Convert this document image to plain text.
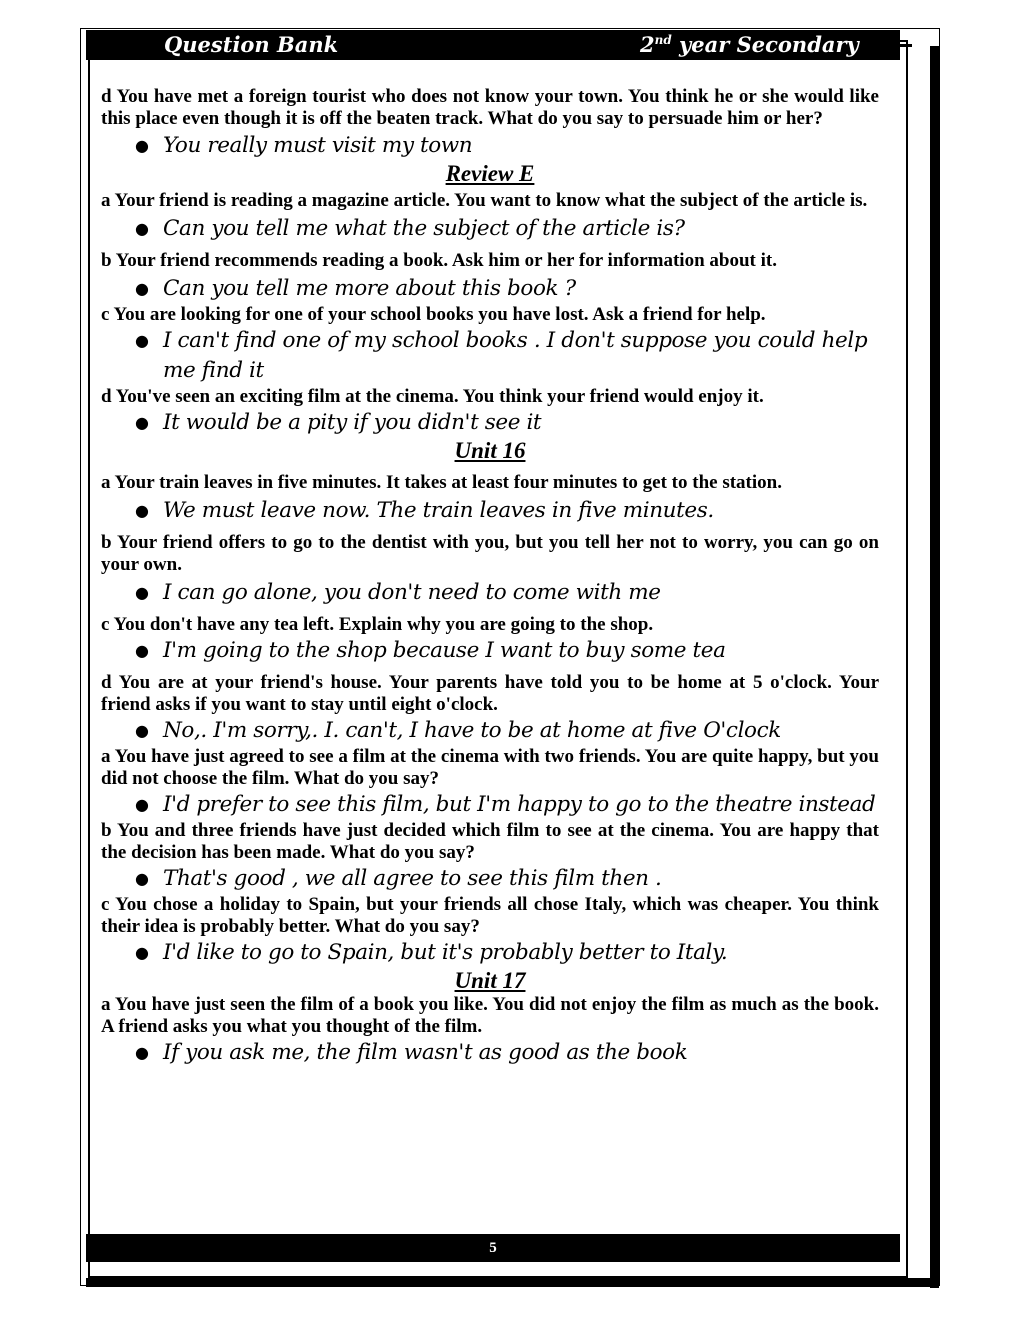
Question Bank	2nd year Secondary

d You have met a foreign tourist who does not know your town. You think he or she would like this place even though it is off the beaten track. What do you say to persuade him or her?

● You really must visit my town

Review E

a Your friend is reading a magazine article. You want to know what the subject of the article is.

● Can you tell me what the subject of the article is?

b Your friend recommends reading a book. Ask him or her for information about it.

● Can you tell me more about this book ?

c You are looking for one of your school books you have lost. Ask a friend for help.

● I can't find one of my school books . I don't suppose you could help me find it

d You've seen an exciting film at the cinema. You think your friend would enjoy it.

● It would be a pity if you didn't see it

Unit 16

a Your train leaves in five minutes. It takes at least four minutes to get to the station.

● We must leave now. The train leaves in five minutes.

b Your friend offers to go to the dentist with you, but you tell her not to worry, you can go on your own.

● I can go alone, you don't need to come with me

c You don't have any tea left. Explain why you are going to the shop.

● I'm going to the shop because I want to buy some tea

d You are at your friend's house. Your parents have told you to be home at 5 o'clock. Your friend asks if you want to stay until eight o'clock.

● No,. I'm sorry,. I. can't, I have to be at home at five O'clock

a You have just agreed to see a film at the cinema with two friends. You are quite happy, but you did not choose the film. What do you say?

● I'd prefer to see this film, but I'm happy to go to the theatre instead

b You and three friends have just decided which film to see at the cinema. You are happy that the decision has been made. What do you say?

● That's good , we all agree to see this film then .

c You chose a holiday to Spain, but your friends all chose Italy, which was cheaper. You think their idea is probably better. What do you say?

● I'd like to go to Spain, but it's probably better to Italy.

Unit 17

a You have just seen the film of a book you like. You did not enjoy the film as much as the book. A friend asks you what you thought of the film.

● If you ask me, the film wasn't as good as the book

5
